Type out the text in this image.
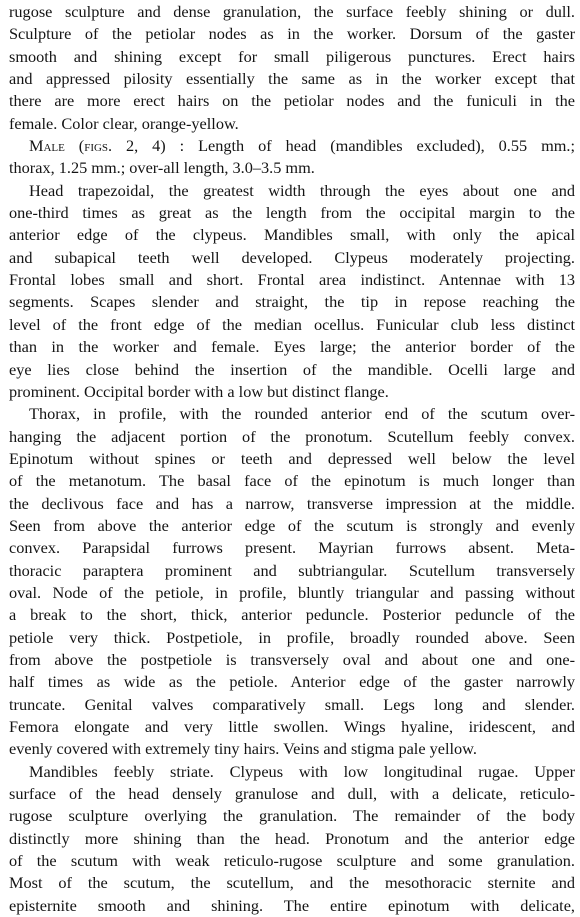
rugose sculpture and dense granulation, the surface feebly shining or dull.
Sculpture of the petiolar nodes as in the worker. Dorsum of the gaster
smooth and shining except for small piligerous punctures. Erect hairs
and appressed pilosity essentially the same as in the worker except that
there are more erect hairs on the petiolar nodes and the funiculi in the
female. Color clear, orange-yellow.
Male (figs. 2, 4) : Length of head (mandibles excluded), 0.55 mm.;
thorax, 1.25 mm.; over-all length, 3.0–3.5 mm.
Head trapezoidal, the greatest width through the eyes about one and
one-third times as great as the length from the occipital margin to the
anterior edge of the clypeus. Mandibles small, with only the apical
and subapical teeth well developed. Clypeus moderately projecting.
Frontal lobes small and short. Frontal area indistinct. Antennae with 13
segments. Scapes slender and straight, the tip in repose reaching the
level of the front edge of the median ocellus. Funicular club less distinct
than in the worker and female. Eyes large; the anterior border of the
eye lies close behind the insertion of the mandible. Ocelli large and
prominent. Occipital border with a low but distinct flange.
Thorax, in profile, with the rounded anterior end of the scutum over-
hanging the adjacent portion of the pronotum. Scutellum feebly convex.
Epinotum without spines or teeth and depressed well below the level
of the metanotum. The basal face of the epinotum is much longer than
the declivous face and has a narrow, transverse impression at the middle.
Seen from above the anterior edge of the scutum is strongly and evenly
convex. Parapsidal furrows present. Mayrian furrows absent. Meta-
thoracic paraptera prominent and subtriangular. Scutellum transversely
oval. Node of the petiole, in profile, bluntly triangular and passing without
a break to the short, thick, anterior peduncle. Posterior peduncle of the
petiole very thick. Postpetiole, in profile, broadly rounded above. Seen
from above the postpetiole is transversely oval and about one and one-
half times as wide as the petiole. Anterior edge of the gaster narrowly
truncate. Genital valves comparatively small. Legs long and slender.
Femora elongate and very little swollen. Wings hyaline, iridescent, and
evenly covered with extremely tiny hairs. Veins and stigma pale yellow.
Mandibles feebly striate. Clypeus with low longitudinal rugae. Upper
surface of the head densely granulose and dull, with a delicate, reticulo-
rugose sculpture overlying the granulation. The remainder of the body
distinctly more shining than the head. Pronotum and the anterior edge
of the scutum with weak reticulo-rugose sculpture and some granulation.
Most of the scutum, the scutellum, and the mesothoracic sternite and
episternite smooth and shining. The entire epinotum with delicate,
